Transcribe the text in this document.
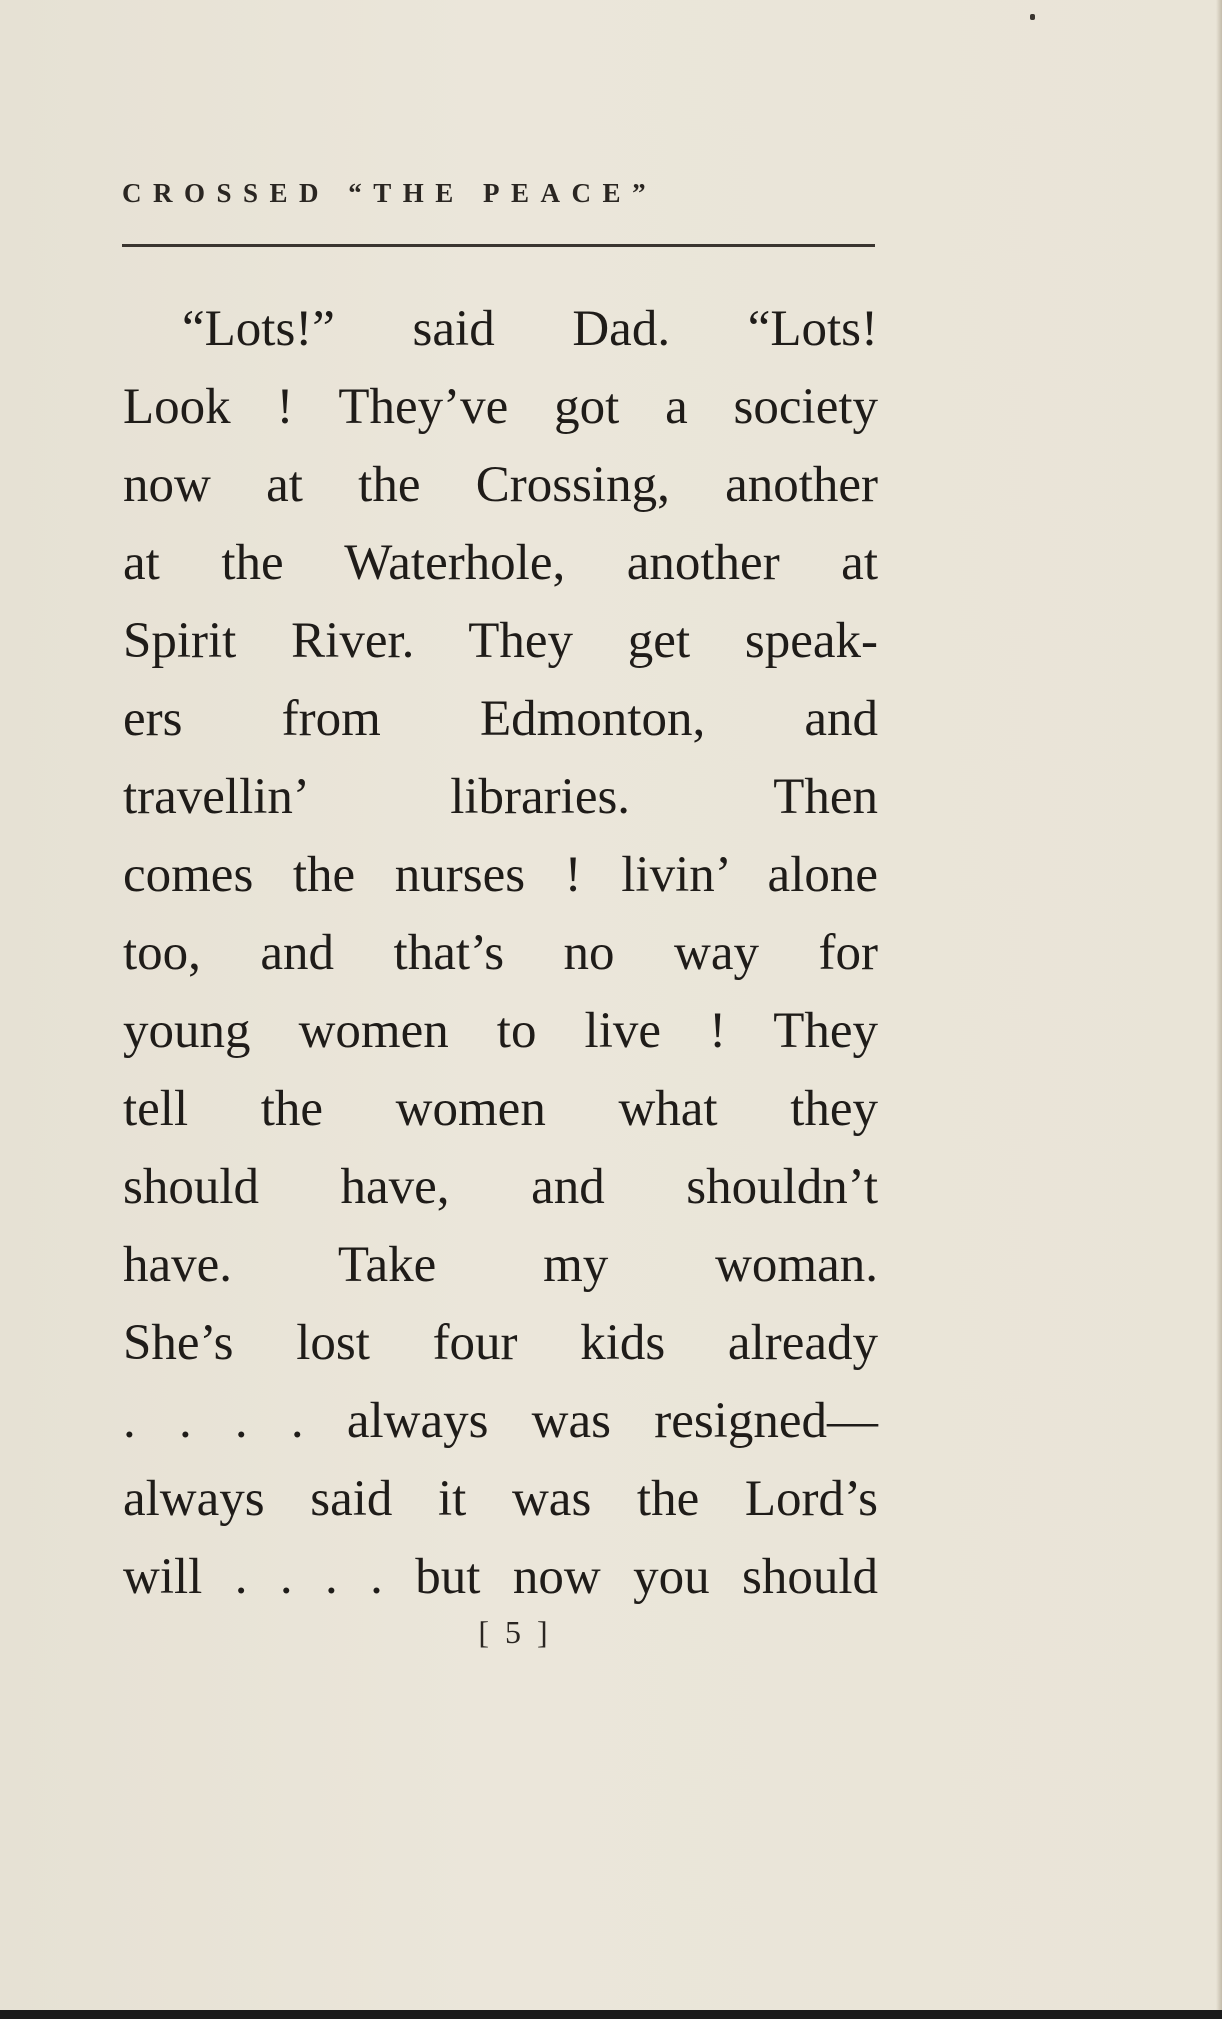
CROSSED “THE PEACE”
“Lots!” said Dad. “Lots!
Look ! They’ve got a society
now at the Crossing, another
at the Waterhole, another at
Spirit River. They get speak-
ers from Edmonton, and
travellin’ libraries. Then
comes the nurses ! livin’ alone
too, and that’s no way for
young women to live ! They
tell the women what they
should have, and shouldn’t
have. Take my woman.
She’s lost four kids already
. . . . always was resigned—
always said it was the Lord’s
will . . . . but now you should
[ 5 ]
